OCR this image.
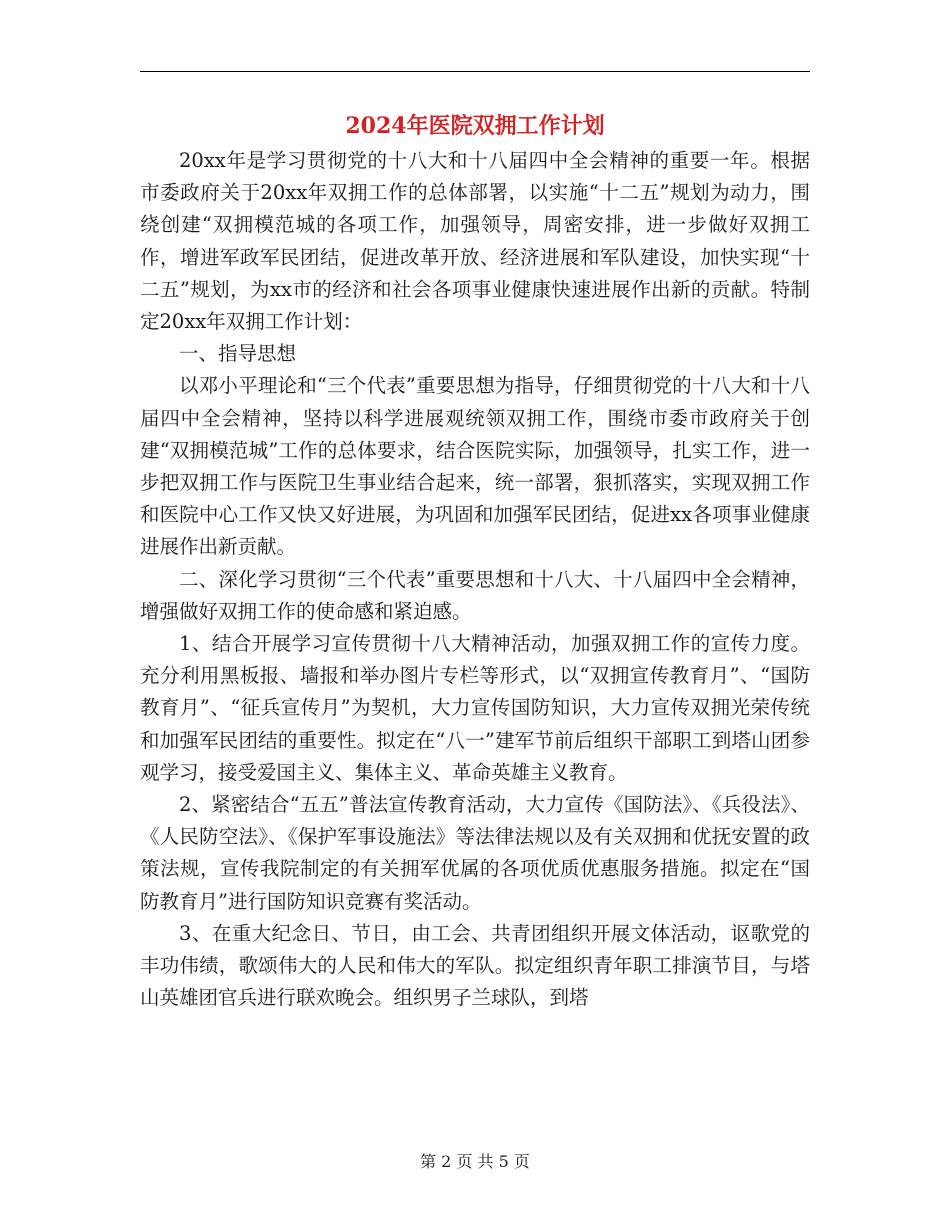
2024年医院双拥工作计划

20xx年是学习贯彻党的十八大和十八届四中全会精神的重要一年。根据市委政府关于20xx年双拥工作的总体部署，以实施“十二五”规划为动力，围绕创建“双拥模范城的各项工作，加强领导，周密安排，进一步做好双拥工作，增进军政军民团结，促进改革开放、经济进展和军队建设，加快实现“十二五”规划，为xx市的经济和社会各项事业健康快速进展作出新的贡献。特制定20xx年双拥工作计划：

一、指导思想

以邓小平理论和“三个代表”重要思想为指导，仔细贯彻党的十八大和十八届四中全会精神，坚持以科学进展观统领双拥工作，围绕市委市政府关于创建“双拥模范城”工作的总体要求，结合医院实际，加强领导，扎实工作，进一步把双拥工作与医院卫生事业结合起来，统一部署，狠抓落实，实现双拥工作和医院中心工作又快又好进展，为巩固和加强军民团结，促进xx各项事业健康进展作出新贡献。

二、深化学习贯彻“三个代表”重要思想和十八大、十八届四中全会精神，增强做好双拥工作的使命感和紧迫感。

1、结合开展学习宣传贯彻十八大精神活动，加强双拥工作的宣传力度。充分利用黑板报、墙报和举办图片专栏等形式，以“双拥宣传教育月”、“国防教育月”、“征兵宣传月”为契机，大力宣传国防知识，大力宣传双拥光荣传统和加强军民团结的重要性。拟定在“八一”建军节前后组织干部职工到塔山团参观学习，接受爱国主义、集体主义、革命英雄主义教育。

2、紧密结合“五五”普法宣传教育活动，大力宣传《国防法》、《兵役法》、《人民防空法》、《保护军事设施法》等法律法规以及有关双拥和优抚安置的政策法规，宣传我院制定的有关拥军优属的各项优质优惠服务措施。拟定在“国防教育月”进行国防知识竞赛有奖活动。

3、在重大纪念日、节日，由工会、共青团组织开展文体活动，讴歌党的丰功伟绩，歌颂伟大的人民和伟大的军队。拟定组织青年职工排演节目，与塔山英雄团官兵进行联欢晚会。组织男子兰球队，到塔

第 2 页 共 5 页
